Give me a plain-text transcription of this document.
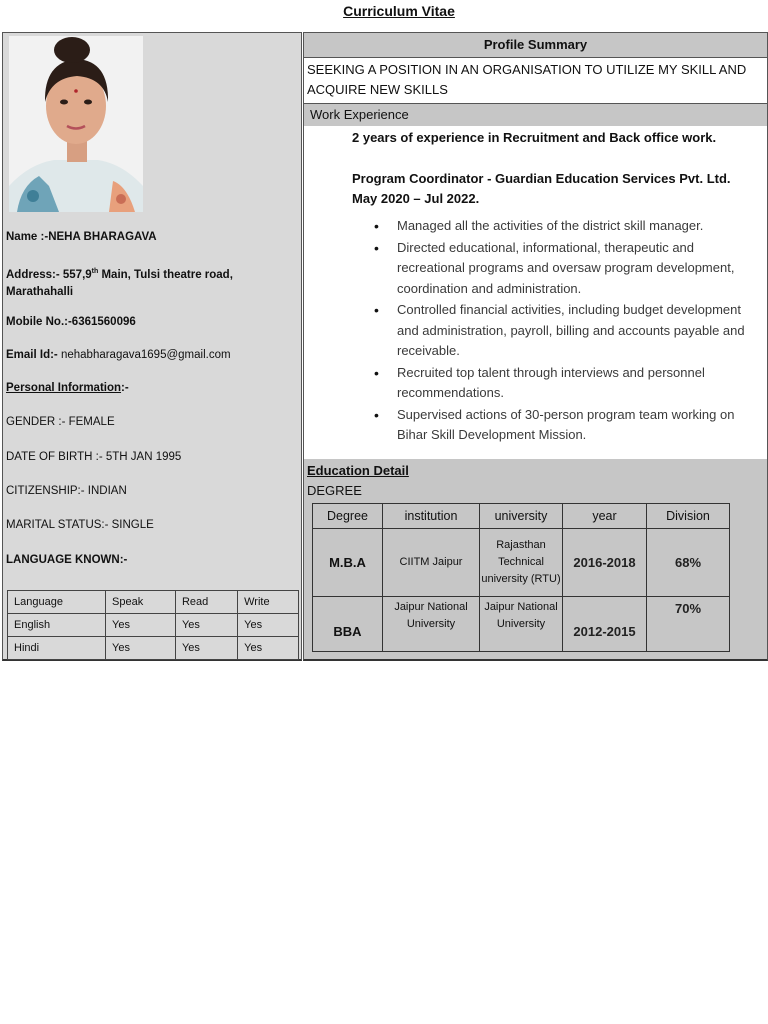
Curriculum Vitae
Name :-NEHA BHARAGAVA
Address:- 557,9th Main, Tulsi theatre road,
Marathahalli
Mobile No.:-6361560096
Email Id:- nehabharagava1695@gmail.com
Personal Information:-
GENDER :- FEMALE
DATE OF BIRTH :- 5TH JAN 1995
CITIZENSHIP:- INDIAN
MARITAL STATUS:- SINGLE
LANGUAGE KNOWN:-
Language	Speak	Read	Write
English	Yes	Yes	Yes
Hindi	Yes	Yes	Yes
Profile Summary
SEEKING A POSITION IN AN ORGANISATION TO UTILIZE MY SKILL AND
ACQUIRE NEW SKILLS
Work Experience
2 years of experience in Recruitment and Back office work.
Program Coordinator - Guardian Education Services Pvt. Ltd.
May 2020 – Jul 2022.
• Managed all the activities of the district skill manager.
• Directed educational, informational, therapeutic and recreational programs and oversaw program development, coordination and administration.
• Controlled financial activities, including budget development and administration, payroll, billing and accounts payable and receivable.
• Recruited top talent through interviews and personnel recommendations.
• Supervised actions of 30-person program team working on Bihar Skill Development Mission.
Education Detail
DEGREE
Degree	institution	university	year	Division
M.B.A	CIITM Jaipur	Rajasthan Technical university (RTU)	2016-2018	68%
BBA	Jaipur National University	Jaipur National University	2012-2015	70%
